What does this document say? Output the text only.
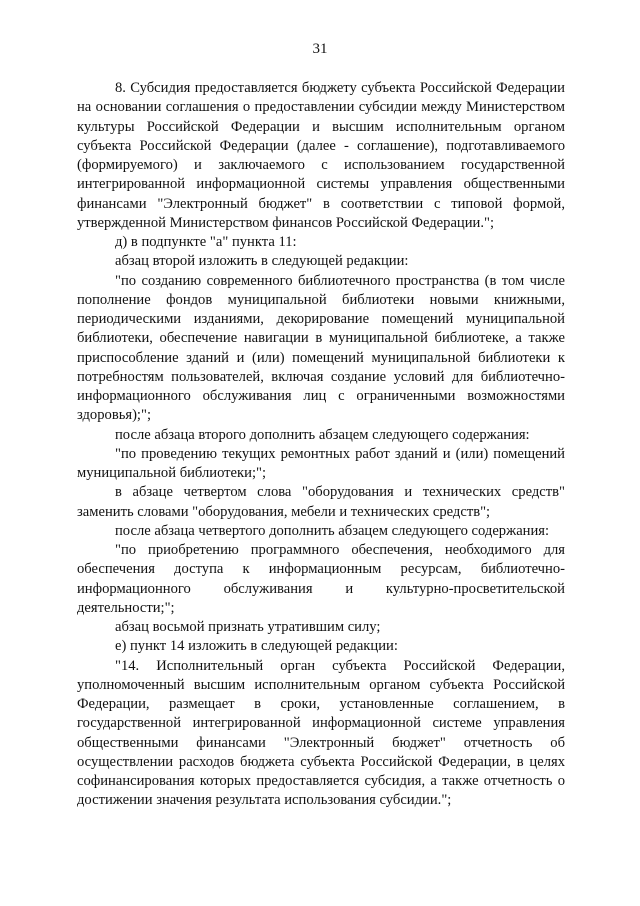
31

8. Субсидия предоставляется бюджету субъекта Российской Федерации на основании соглашения о предоставлении субсидии между Министерством культуры Российской Федерации и высшим исполнительным органом субъекта Российской Федерации (далее - соглашение), подготавливаемого (формируемого) и заключаемого с использованием государственной интегрированной информационной системы управления общественными финансами "Электронный бюджет" в соответствии с типовой формой, утвержденной Министерством финансов Российской Федерации.";

д) в подпункте "а" пункта 11:

абзац второй изложить в следующей редакции:

"по созданию современного библиотечного пространства (в том числе пополнение фондов муниципальной библиотеки новыми книжными, периодическими изданиями, декорирование помещений муниципальной библиотеки, обеспечение навигации в муниципальной библиотеке, а также приспособление зданий и (или) помещений муниципальной библиотеки к потребностям пользователей, включая создание условий для библиотечно-информационного обслуживания лиц с ограниченными возможностями здоровья);";

после абзаца второго дополнить абзацем следующего содержания:

"по проведению текущих ремонтных работ зданий и (или) помещений муниципальной библиотеки;";

в абзаце четвертом слова "оборудования и технических средств" заменить словами "оборудования, мебели и технических средств";

после абзаца четвертого дополнить абзацем следующего содержания:

"по приобретению программного обеспечения, необходимого для обеспечения доступа к информационным ресурсам, библиотечно-информационного обслуживания и культурно-просветительской деятельности;";

абзац восьмой признать утратившим силу;

е) пункт 14 изложить в следующей редакции:

"14. Исполнительный орган субъекта Российской Федерации, уполномоченный высшим исполнительным органом субъекта Российской Федерации, размещает в сроки, установленные соглашением, в государственной интегрированной информационной системе управления общественными финансами "Электронный бюджет" отчетность об осуществлении расходов бюджета субъекта Российской Федерации, в целях софинансирования которых предоставляется субсидия, а также отчетность о достижении значения результата использования субсидии.";
